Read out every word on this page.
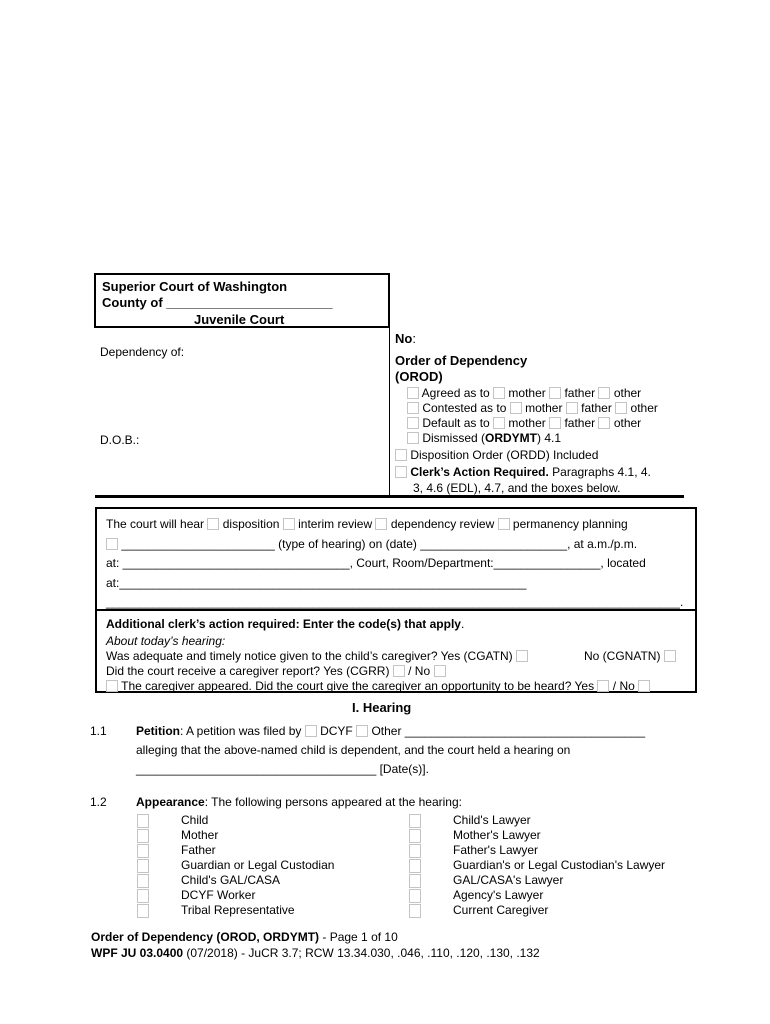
Superior Court of Washington
County of _______________________
Juvenile Court
Dependency of:
D.O.B.:
No:
Order of Dependency
(OROD)
Agreed as to mother father other
Contested as to mother father other
Default as to mother father other
Dismissed (ORDYMT) 4.1
Disposition Order (ORDD) Included
Clerk’s Action Required. Paragraphs 4.1, 4.
3, 4.6 (EDL), 4.7, and the boxes below.
The court will hear disposition interim review dependency review permanency planning
_______________________ (type of hearing) on (date) ______________________, at a.m./p.m.
at: __________________________________, Court, Room/Department:________________, located
at:_____________________________________________________________
______________________________________________________________________________________.
Additional clerk’s action required: Enter the code(s) that apply.
About today’s hearing:
Was adequate and timely notice given to the child’s caregiver? Yes (CGATN)	No (CGNATN)
Did the court receive a caregiver report? Yes (CGRR) / No
The caregiver appeared. Did the court give the caregiver an opportunity to be heard? Yes / No
I. Hearing
1.1 Petition: A petition was filed by DCYF Other ____________________________________
alleging that the above-named child is dependent, and the court held a hearing on
____________________________________ [Date(s)].
1.2 Appearance: The following persons appeared at the hearing:
Child
Mother
Father
Guardian or Legal Custodian
Child's GAL/CASA
DCYF Worker
Tribal Representative
Child's Lawyer
Mother's Lawyer
Father's Lawyer
Guardian's or Legal Custodian's Lawyer
GAL/CASA's Lawyer
Agency's Lawyer
Current Caregiver
Order of Dependency (OROD, ORDYMT) - Page 1 of 10
WPF JU 03.0400 (07/2018) - JuCR 3.7; RCW 13.34.030, .046, .110, .120, .130, .132
